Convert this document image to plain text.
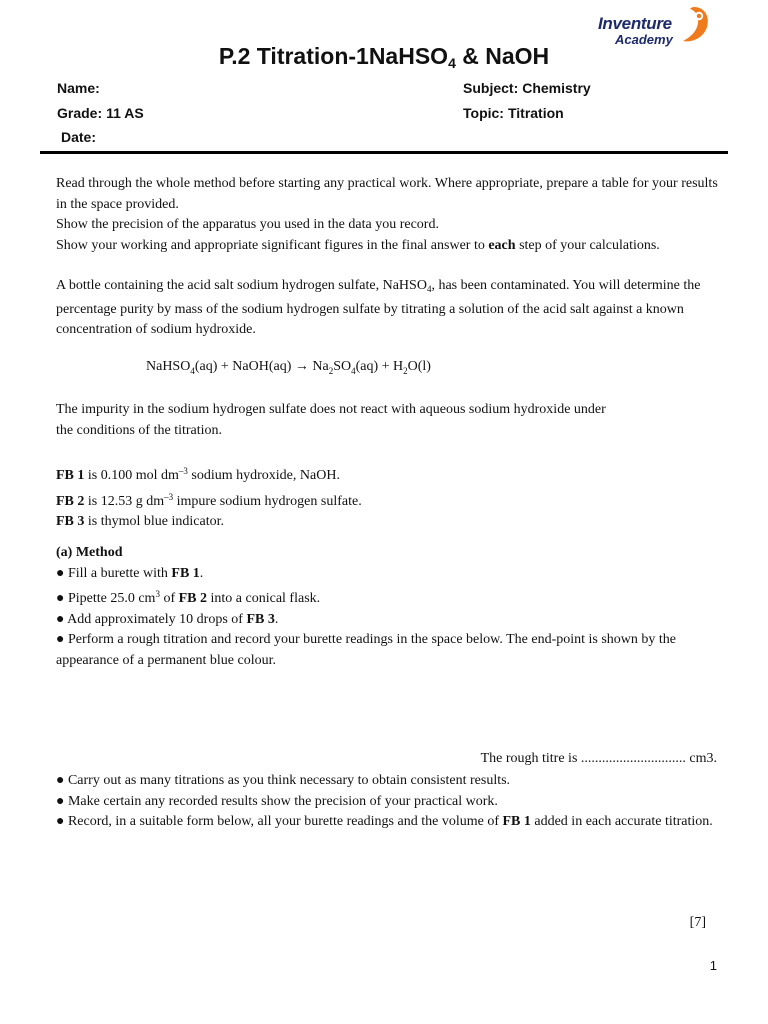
Inventure
Academy
P.2 Titration-1NaHSO$_4$ & NaOH
Name:
Grade: 11 AS
Date:
Subject: Chemistry
Topic: Titration
Read through the whole method before starting any practical work. Where appropriate, prepare a table for your results in the space provided.
Show the precision of the apparatus you used in the data you record.
Show your working and appropriate significant figures in the final answer to each step of your calculations.
A bottle containing the acid salt sodium hydrogen sulfate, NaHSO$_4$, has been contaminated. You will determine the percentage purity by mass of the sodium hydrogen sulfate by titrating a solution of the acid salt against a known concentration of sodium hydroxide.
NaHSO$_4$(aq) + NaOH(aq) → $Na_2SO_4(aq) + H_2O(l)$
The impurity in the sodium hydrogen sulfate does not react with aqueous sodium hydroxide under
the conditions of the titration.
FB 1 is 0.100 mol $dm^{-3}$ sodium hydroxide, NaOH.
FB 2 is 12.53 g $dm^{-3}$ impure sodium hydrogen sulfate.
FB 3 is thymol blue indicator.
(a) Method
● Fill a burette with FB 1.
● Pipette 25.0 $cm^3$ of FB 2 into a conical flask.
● Add approximately 10 drops of FB 3.
● Perform a rough titration and record your burette readings in the space below. The end-point is shown by the appearance of a permanent blue colour.
The rough titre is .............................. cm3.
● Carry out as many titrations as you think necessary to obtain consistent results.
● Make certain any recorded results show the precision of your practical work.
● Record, in a suitable form below, all your burette readings and the volume of FB 1 added in each accurate titration.
[7]
1
